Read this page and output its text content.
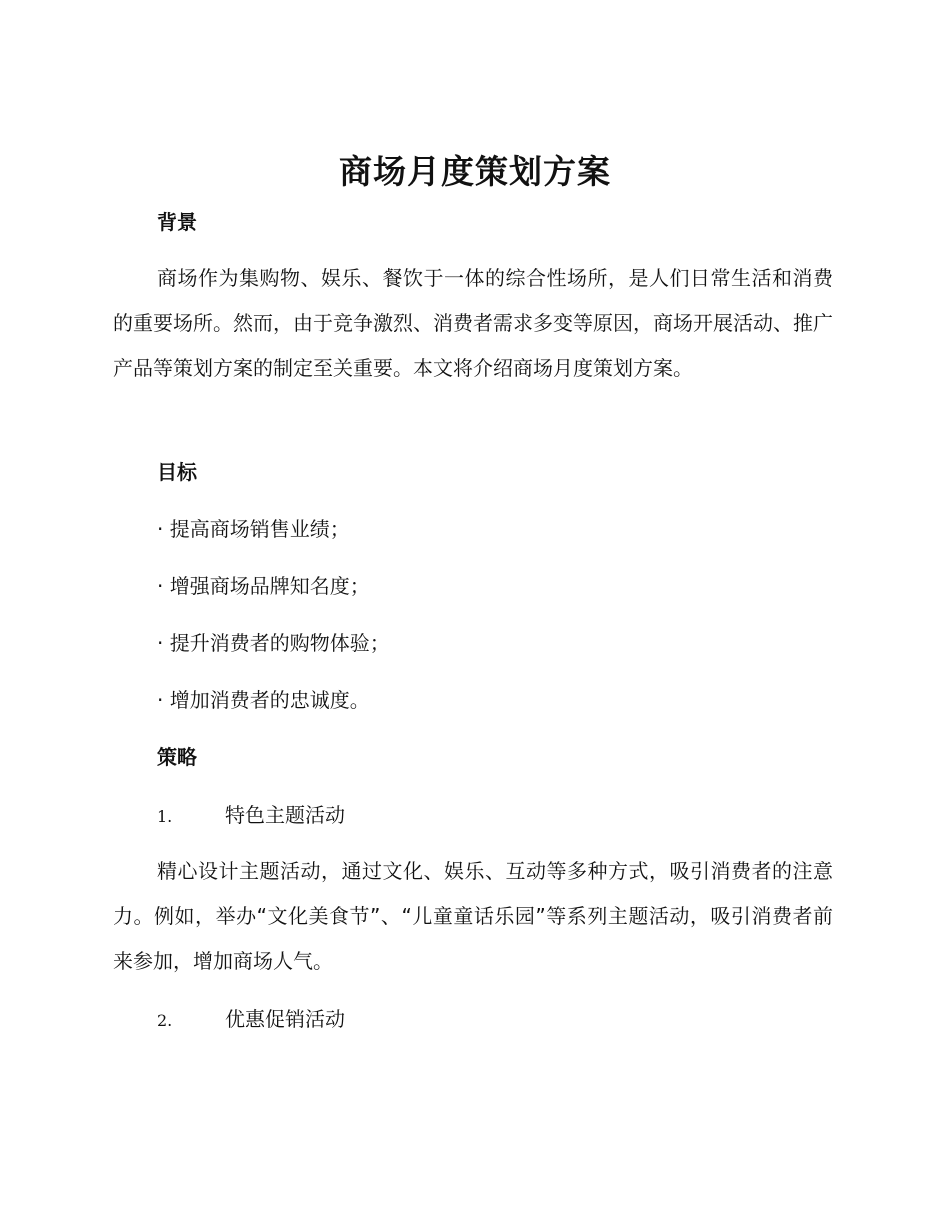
商场月度策划方案
背景
商场作为集购物、娱乐、餐饮于一体的综合性场所，是人们日常生活和消费的重要场所。然而，由于竞争激烈、消费者需求多变等原因，商场开展活动、推广产品等策划方案的制定至关重要。本文将介绍商场月度策划方案。
目标
· 提高商场销售业绩；
· 增强商场品牌知名度；
· 提升消费者的购物体验；
· 增加消费者的忠诚度。
策略
1.	特色主题活动
精心设计主题活动，通过文化、娱乐、互动等多种方式，吸引消费者的注意力。例如，举办“文化美食节”、“儿童童话乐园”等系列主题活动，吸引消费者前来参加，增加商场人气。
2.	优惠促销活动
